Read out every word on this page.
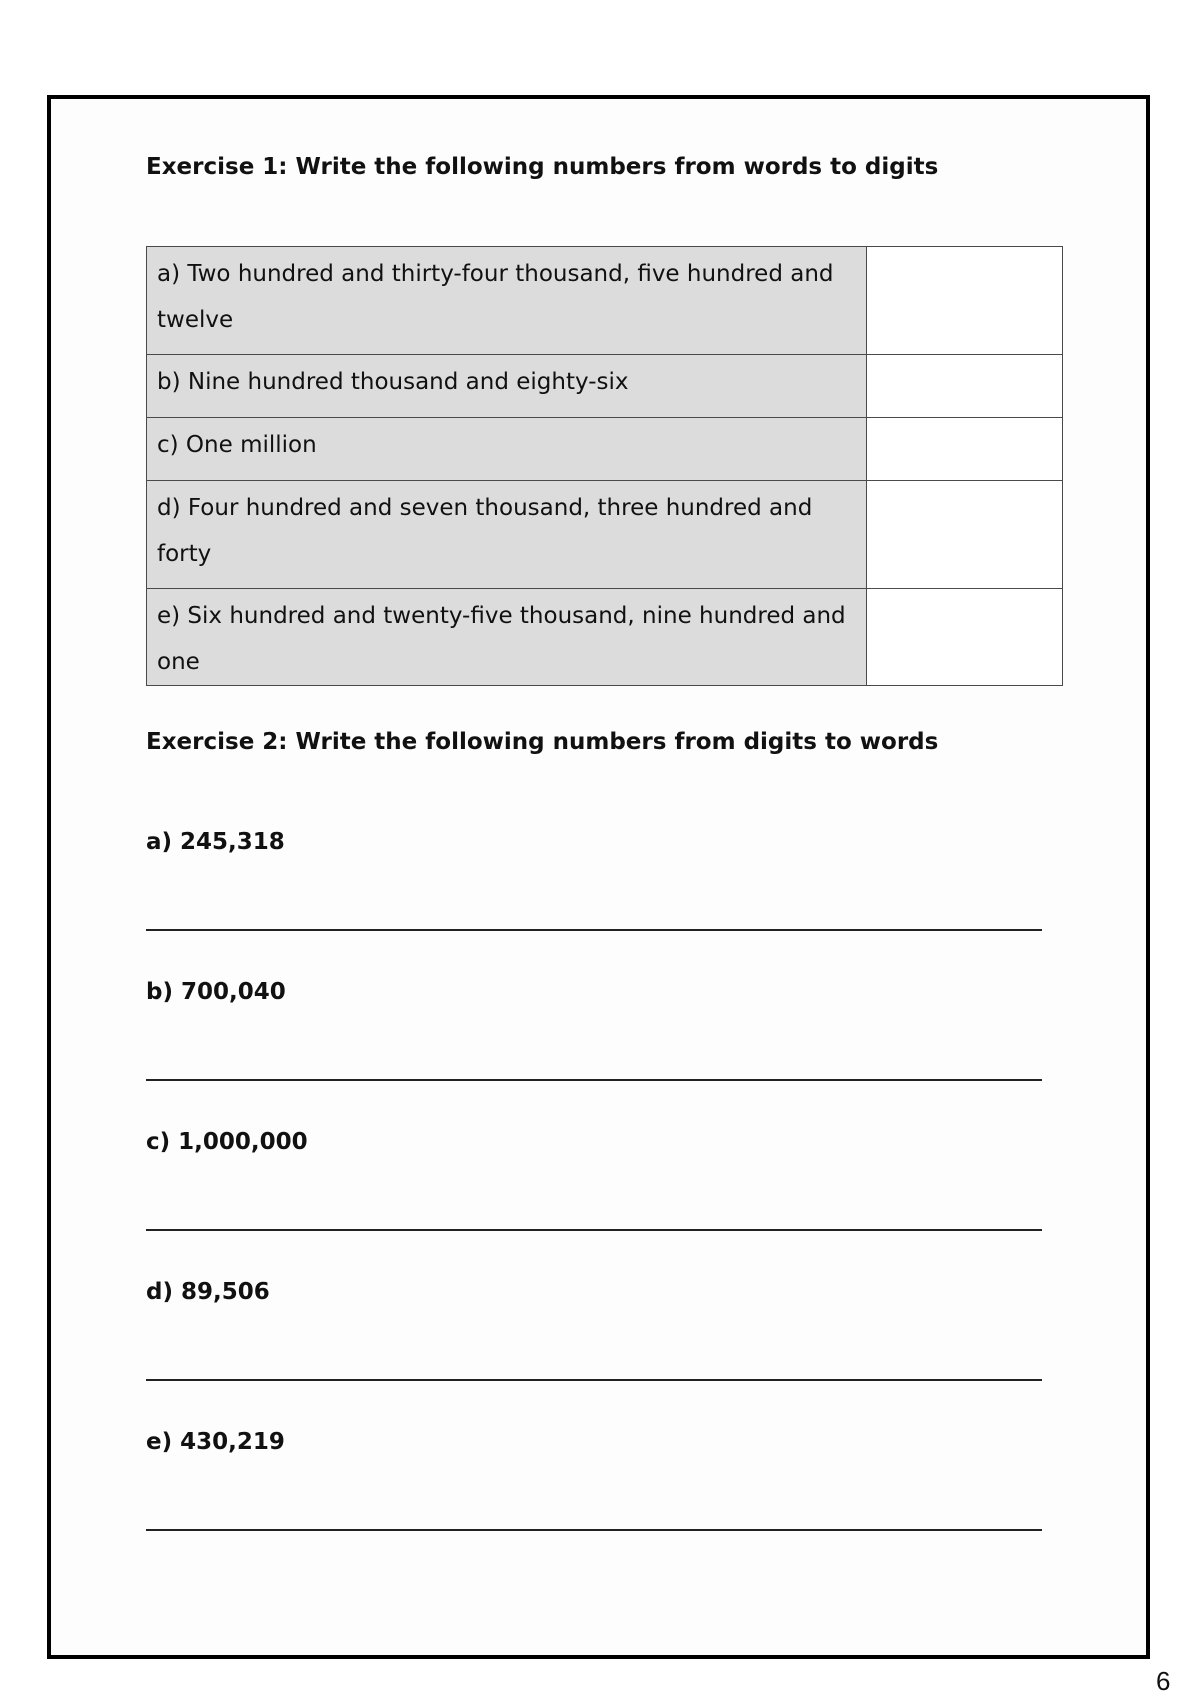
Exercise 1: Write the following numbers from words to digits
a) Two hundred and thirty-four thousand, five hundred and twelve	
b) Nine hundred thousand and eighty-six	
c) One million	
d) Four hundred and seven thousand, three hundred and forty	
e) Six hundred and twenty-five thousand, nine hundred and one	
Exercise 2: Write the following numbers from digits to words

a) 245,318

b) 700,040

c) 1,000,000

d) 89,506

e) 430,219

6
